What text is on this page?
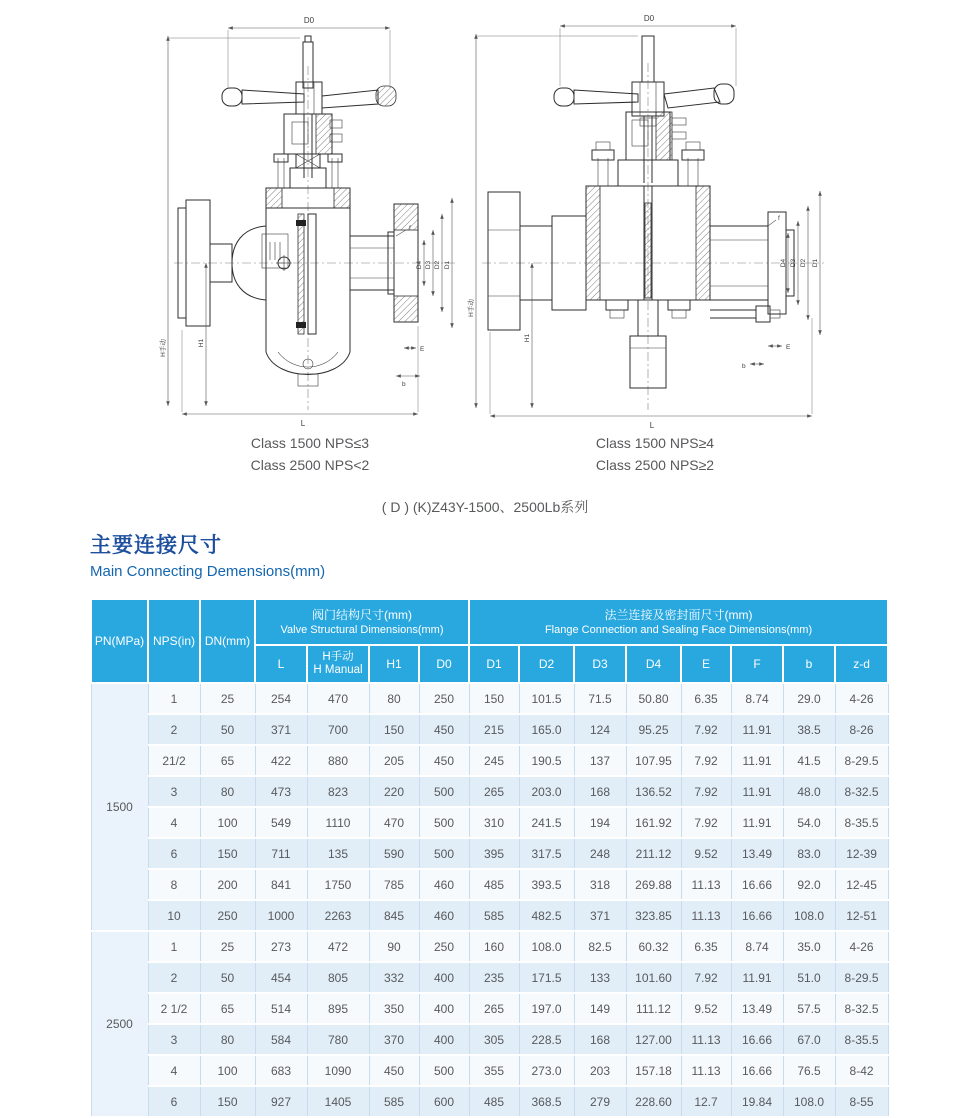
D0
H手动	H1
L
D4 D3 D2 D1
f
E
b
D0
H手动
H1
L
D4 D3 D2 D1
f
E
b
Class 1500 NPS≤3
Class 2500 NPS<2
Class 1500 NPS≥4
Class 2500 NPS≥2
( D ) (K)Z43Y-1500、2500Lb系列
主要连接尺寸
Main Connecting Demensions(mm)
PN(MPa)	NPS(in)	DN(mm)	
阀门结构尺寸(mm)
Valve Structural Dimensions(mm)

法兰连接及密封面尺寸(mm)
Flange Connection and Sealing Face Dimensions(mm)

			L	H手动
H Manual	H1	D0	D1	D2	D3	D4	E	F	b	z-d
1500	1	25	254	470	80	250	150	101.5	71.5	50.80	6.35	8.74	29.0	4-26
	2	50	371	700	150	450	215	165.0	124	95.25	7.92	11.91	38.5	8-26
	21/2	65	422	880	205	450	245	190.5	137	107.95	7.92	11.91	41.5	8-29.5
	3	80	473	823	220	500	265	203.0	168	136.52	7.92	11.91	48.0	8-32.5
	4	100	549	1110	470	500	310	241.5	194	161.92	7.92	11.91	54.0	8-35.5
	6	150	711	135	590	500	395	317.5	248	211.12	9.52	13.49	83.0	12-39
	8	200	841	1750	785	460	485	393.5	318	269.88	11.13	16.66	92.0	12-45
	10	250	1000	2263	845	460	585	482.5	371	323.85	11.13	16.66	108.0	12-51
2500	1	25	273	472	90	250	160	108.0	82.5	60.32	6.35	8.74	35.0	4-26
	2	50	454	805	332	400	235	171.5	133	101.60	7.92	11.91	51.0	8-29.5
	2 1/2	65	514	895	350	400	265	197.0	149	111.12	9.52	13.49	57.5	8-32.5
	3	80	584	780	370	400	305	228.5	168	127.00	11.13	16.66	67.0	8-35.5
	4	100	683	1090	450	500	355	273.0	203	157.18	11.13	16.66	76.5	8-42
	6	150	927	1405	585	600	485	368.5	279	228.60	12.7	19.84	108.0	8-55
